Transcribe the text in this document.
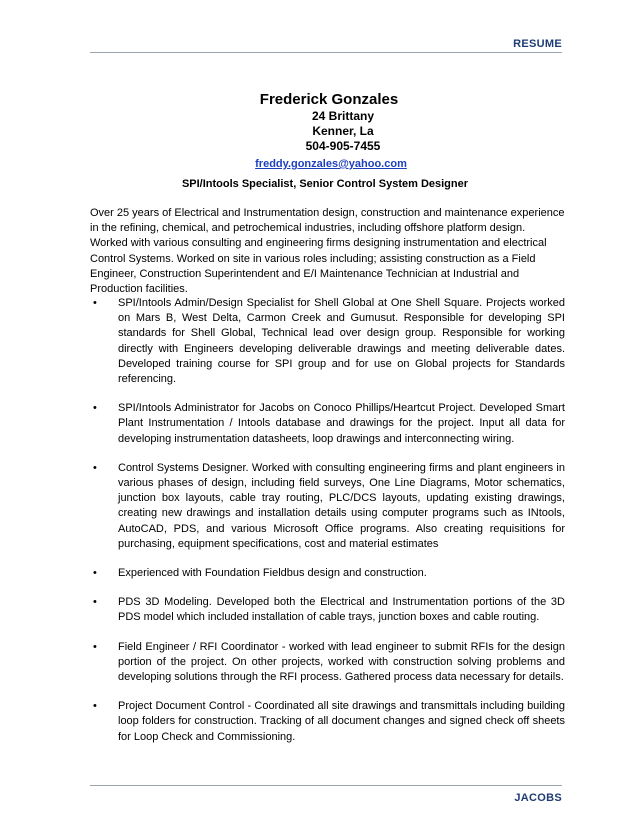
RESUME
Frederick Gonzales
24 Brittany
Kenner, La
504-905-7455
freddy.gonzales@yahoo.com
SPI/Intools Specialist, Senior Control System Designer
Over 25 years of Electrical and Instrumentation design, construction and maintenance experience in the refining, chemical, and petrochemical industries, including offshore platform design. Worked with various consulting and engineering firms designing instrumentation and electrical Control Systems. Worked on site in various roles including; assisting construction as a Field Engineer, Construction Superintendent and E/I Maintenance Technician at Industrial and Production facilities.
• SPI/Intools Admin/Design Specialist for Shell Global at One Shell Square. Projects worked on Mars B, West Delta, Carmon Creek and Gumusut. Responsible for developing SPI standards for Shell Global, Technical lead over design group. Responsible for working directly with Engineers developing deliverable drawings and meeting deliverable dates. Developed training course for SPI group and for use on Global projects for Standards referencing.
• SPI/Intools Administrator for Jacobs on Conoco Phillips/Heartcut Project. Developed Smart Plant Instrumentation / Intools database and drawings for the project. Input all data for developing instrumentation datasheets, loop drawings and interconnecting wiring.
• Control Systems Designer. Worked with consulting engineering firms and plant engineers in various phases of design, including field surveys, One Line Diagrams, Motor schematics, junction box layouts, cable tray routing, PLC/DCS layouts, updating existing drawings, creating new drawings and installation details using computer programs such as INtools, AutoCAD, PDS, and various Microsoft Office programs. Also creating requisitions for purchasing, equipment specifications, cost and material estimates
• Experienced with Foundation Fieldbus design and construction.
• PDS 3D Modeling. Developed both the Electrical and Instrumentation portions of the 3D PDS model which included installation of cable trays, junction boxes and cable routing.
• Field Engineer / RFI Coordinator - worked with lead engineer to submit RFIs for the design portion of the project. On other projects, worked with construction solving problems and developing solutions through the RFI process. Gathered process data necessary for details.
• Project Document Control - Coordinated all site drawings and transmittals including building loop folders for construction. Tracking of all document changes and signed check off sheets for Loop Check and Commissioning.
JACOBS
